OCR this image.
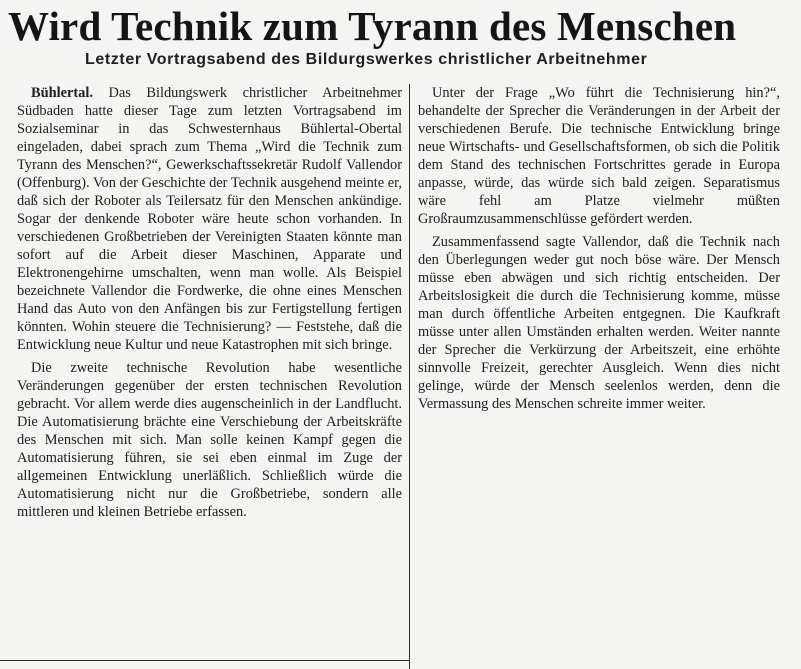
Wird Technik zum Tyrann des Menschen
Letzter Vortragsabend des Bildurgswerkes christlicher Arbeitnehmer

Bühlertal. Das Bildungswerk christlicher Arbeitnehmer Südbaden hatte dieser Tage zum letzten Vortragsabend im Sozialseminar in das Schwesternhaus Bühlertal-Obertal eingeladen, dabei sprach zum Thema „Wird die Technik zum Tyrann des Menschen?“, Gewerkschaftssekretär Rudolf Vallendor (Offenburg). Von der Geschichte der Technik ausgehend meinte er, daß sich der Roboter als Teilersatz für den Menschen ankündige. Sogar der denkende Roboter wäre heute schon vorhanden. In verschiedenen Großbetrieben der Vereinigten Staaten könnte man sofort auf die Arbeit dieser Maschinen, Apparate und Elektronengehirne umschalten, wenn man wolle. Als Beispiel bezeichnete Vallendor die Fordwerke, die ohne eines Menschen Hand das Auto von den Anfängen bis zur Fertigstellung fertigen könnten. Wohin steuere die Technisierung? — Feststehe, daß die Entwicklung neue Kultur und neue Katastrophen mit sich bringe.

Die zweite technische Revolution habe wesentliche Veränderungen gegenüber der ersten technischen Revolution gebracht. Vor allem werde dies augenscheinlich in der Landflucht. Die Automatisierung brächte eine Verschiebung der Arbeitskräfte des Menschen mit sich. Man solle keinen Kampf gegen die Automatisierung führen, sie sei eben einmal im Zuge der allgemeinen Entwicklung unerläßlich. Schließlich würde die Automatisierung nicht nur die Großbetriebe, sondern alle mittleren und kleinen Betriebe erfassen.

Unter der Frage „Wo führt die Technisierung hin?“, behandelte der Sprecher die Veränderungen in der Arbeit der verschiedenen Berufe. Die technische Entwicklung bringe neue Wirtschafts- und Gesellschaftsformen, ob sich die Politik dem Stand des technischen Fortschrittes gerade in Europa anpasse, würde, das würde sich bald zeigen. Separatismus wäre fehl am Platze vielmehr müßten Großraumzusammenschlüsse gefördert werden.

Zusammenfassend sagte Vallendor, daß die Technik nach den Überlegungen weder gut noch böse wäre. Der Mensch müsse eben abwägen und sich richtig entscheiden. Der Arbeitslosigkeit die durch die Technisierung komme, müsse man durch öffentliche Arbeiten entgegnen. Die Kaufkraft müsse unter allen Umständen erhalten werden. Weiter nannte der Sprecher die Verkürzung der Arbeitszeit, eine erhöhte sinnvolle Freizeit, gerechter Ausgleich. Wenn dies nicht gelinge, würde der Mensch seelenlos werden, denn die Vermassung des Menschen schreite immer weiter.
